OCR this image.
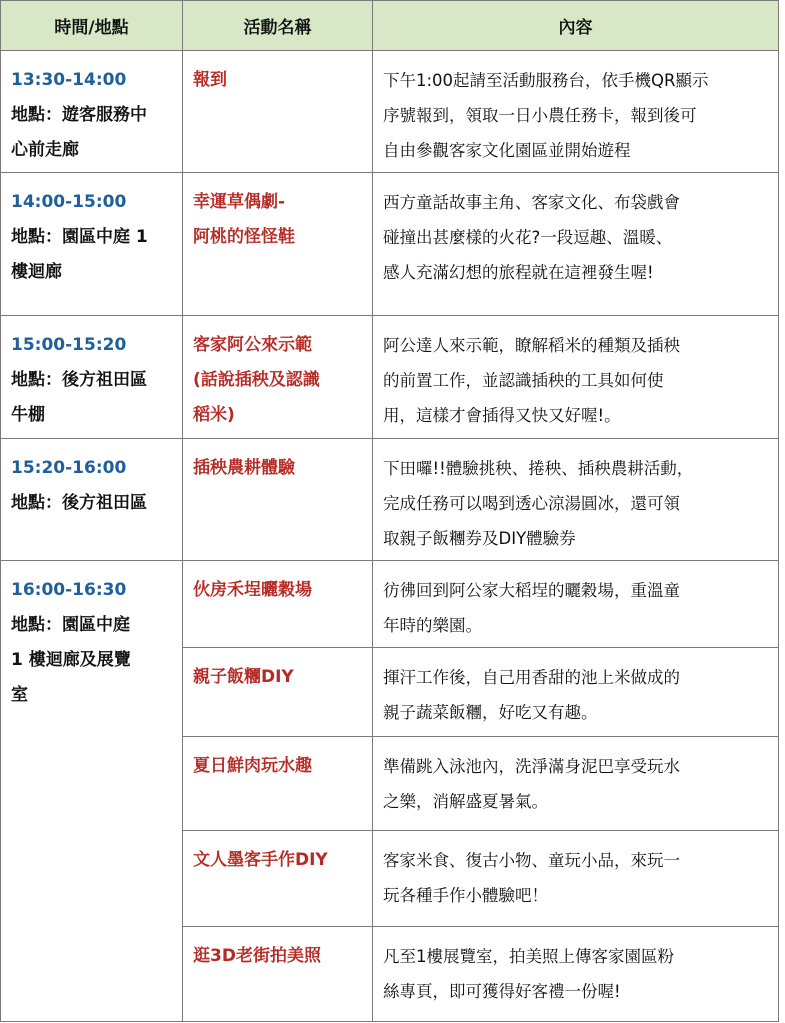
時間/地點	活動名稱	內容

13:30-14:00
地點：遊客服務中
心前走廊	報到	下午1:00起請至活動服務台，依手機QR顯示
序號報到，領取一日小農任務卡，報到後可
自由參觀客家文化園區並開始遊程

14:00-15:00
地點：園區中庭 1
樓迴廊	幸運草偶劇-
阿桃的怪怪鞋	西方童話故事主角、客家文化、布袋戲會
碰撞出甚麼樣的火花?一段逗趣、溫暖、
感人充滿幻想的旅程就在這裡發生喔!

15:00-15:20
地點：後方祖田區
牛棚	客家阿公來示範
(話說插秧及認識
稻米)	阿公達人來示範，瞭解稻米的種類及插秧
的前置工作，並認識插秧的工具如何使
用，這樣才會插得又快又好喔!。

15:20-16:00
地點：後方祖田區	插秧農耕體驗	下田囉!!體驗挑秧、捲秧、插秧農耕活動，
完成任務可以喝到透心涼湯圓冰，還可領
取親子飯糰券及DIY體驗券

16:00-16:30
地點：園區中庭
1 樓迴廊及展覽
室	伙房禾埕曬穀場	彷彿回到阿公家大稻埕的曬穀場，重溫童
年時的樂園。

	親子飯糰DIY	揮汗工作後，自己用香甜的池上米做成的
親子蔬菜飯糰，好吃又有趣。

	夏日鮮肉玩水趣	準備跳入泳池內，洗淨滿身泥巴享受玩水
之樂，消解盛夏暑氣。

	文人墨客手作DIY	客家米食、復古小物、童玩小品，來玩一
玩各種手作小體驗吧！

	逛3D老街拍美照	凡至1樓展覽室，拍美照上傳客家園區粉
絲專頁，即可獲得好客禮一份喔!
